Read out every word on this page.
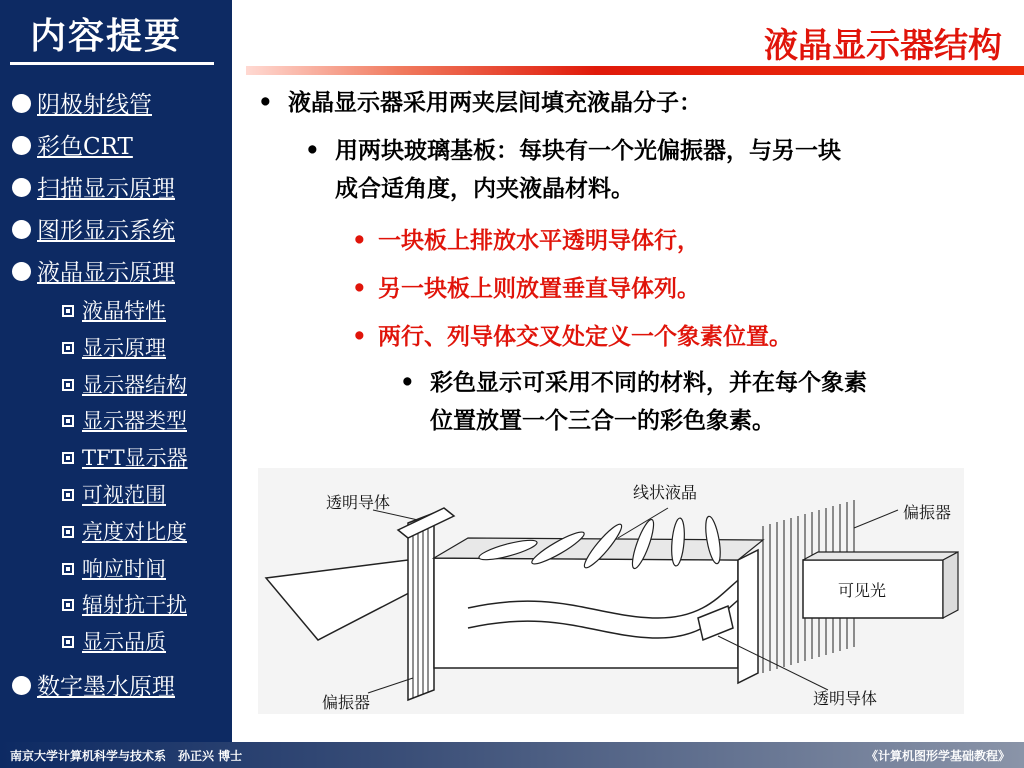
内容提要
阴极射线管
彩色CRT
扫描显示原理
图形显示系统
液晶显示原理
液晶特性
显示原理
显示器结构
显示器类型
TFT显示器
可视范围
亮度对比度
响应时间
辐射抗干扰
显示品质
数字墨水原理
液晶显示器结构
• 液晶显示器采用两夹层间填充液晶分子：
• 用两块玻璃基板：每块有一个光偏振器，与另一块
成合适角度，内夹液晶材料。
• 一块板上排放水平透明导体行，
• 另一块板上则放置垂直导体列。
• 两行、列导体交叉处定义一个象素位置。
• 彩色显示可采用不同的材料，并在每个象素
位置放置一个三合一的彩色象素。
透明导体
线状液晶
偏振器
可见光
偏振器	透明导体
南京大学计算机科学与技术系　孙正兴 博士	《计算机图形学基础教程》
